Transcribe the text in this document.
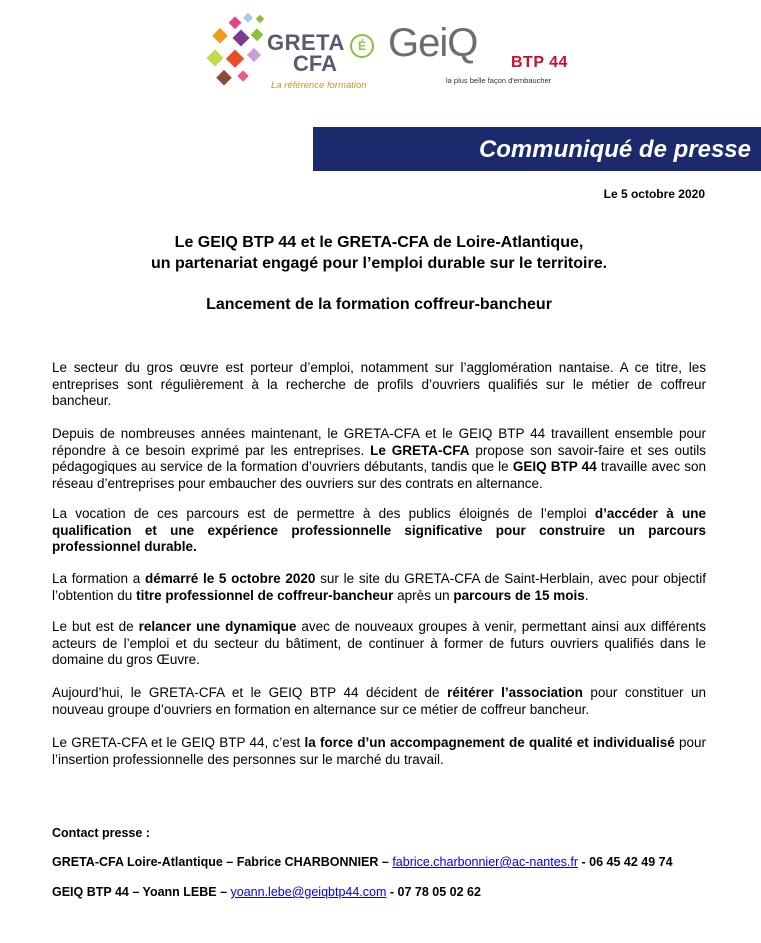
GRETA
CFA
É
La référence formation
GeiQ BTP 44
la plus belle façon d'embaucher
Communiqué de presse
Le 5 octobre 2020
Le GEIQ BTP 44 et le GRETA-CFA de Loire-Atlantique,
un partenariat engagé pour l’emploi durable sur le territoire.
Lancement de la formation coffreur-bancheur
Le secteur du gros œuvre est porteur d’emploi, notamment sur l’agglomération nantaise. A ce titre, les entreprises sont régulièrement à la recherche de profils d’ouvriers qualifiés sur le métier de coffreur bancheur.
Depuis de nombreuses années maintenant, le GRETA-CFA et le GEIQ BTP 44 travaillent ensemble pour répondre à ce besoin exprimé par les entreprises. Le GRETA-CFA propose son savoir-faire et ses outils pédagogiques au service de la formation d’ouvriers débutants, tandis que le GEIQ BTP 44 travaille avec son réseau d’entreprises pour embaucher des ouvriers sur des contrats en alternance.
La vocation de ces parcours est de permettre à des publics éloignés de l’emploi d’accéder à une qualification et une expérience professionnelle significative pour construire un parcours professionnel durable.
La formation a démarré le 5 octobre 2020 sur le site du GRETA-CFA de Saint-Herblain, avec pour objectif l’obtention du titre professionnel de coffreur-bancheur après un parcours de 15 mois.
Le but est de relancer une dynamique avec de nouveaux groupes à venir, permettant ainsi aux différents acteurs de l’emploi et du secteur du bâtiment, de continuer à former de futurs ouvriers qualifiés dans le domaine du gros Œuvre.
Aujourd’hui, le GRETA-CFA et le GEIQ BTP 44 décident de réitérer l’association pour constituer un nouveau groupe d’ouvriers en formation en alternance sur ce métier de coffreur bancheur.
Le GRETA-CFA et le GEIQ BTP 44, c’est la force d’un accompagnement de qualité et individualisé pour l’insertion professionnelle des personnes sur le marché du travail.
Contact presse :
GRETA-CFA Loire-Atlantique – Fabrice CHARBONNIER – fabrice.charbonnier@ac-nantes.fr - 06 45 42 49 74
GEIQ BTP 44 – Yoann LEBE – yoann.lebe@geiqbtp44.com - 07 78 05 02 62
